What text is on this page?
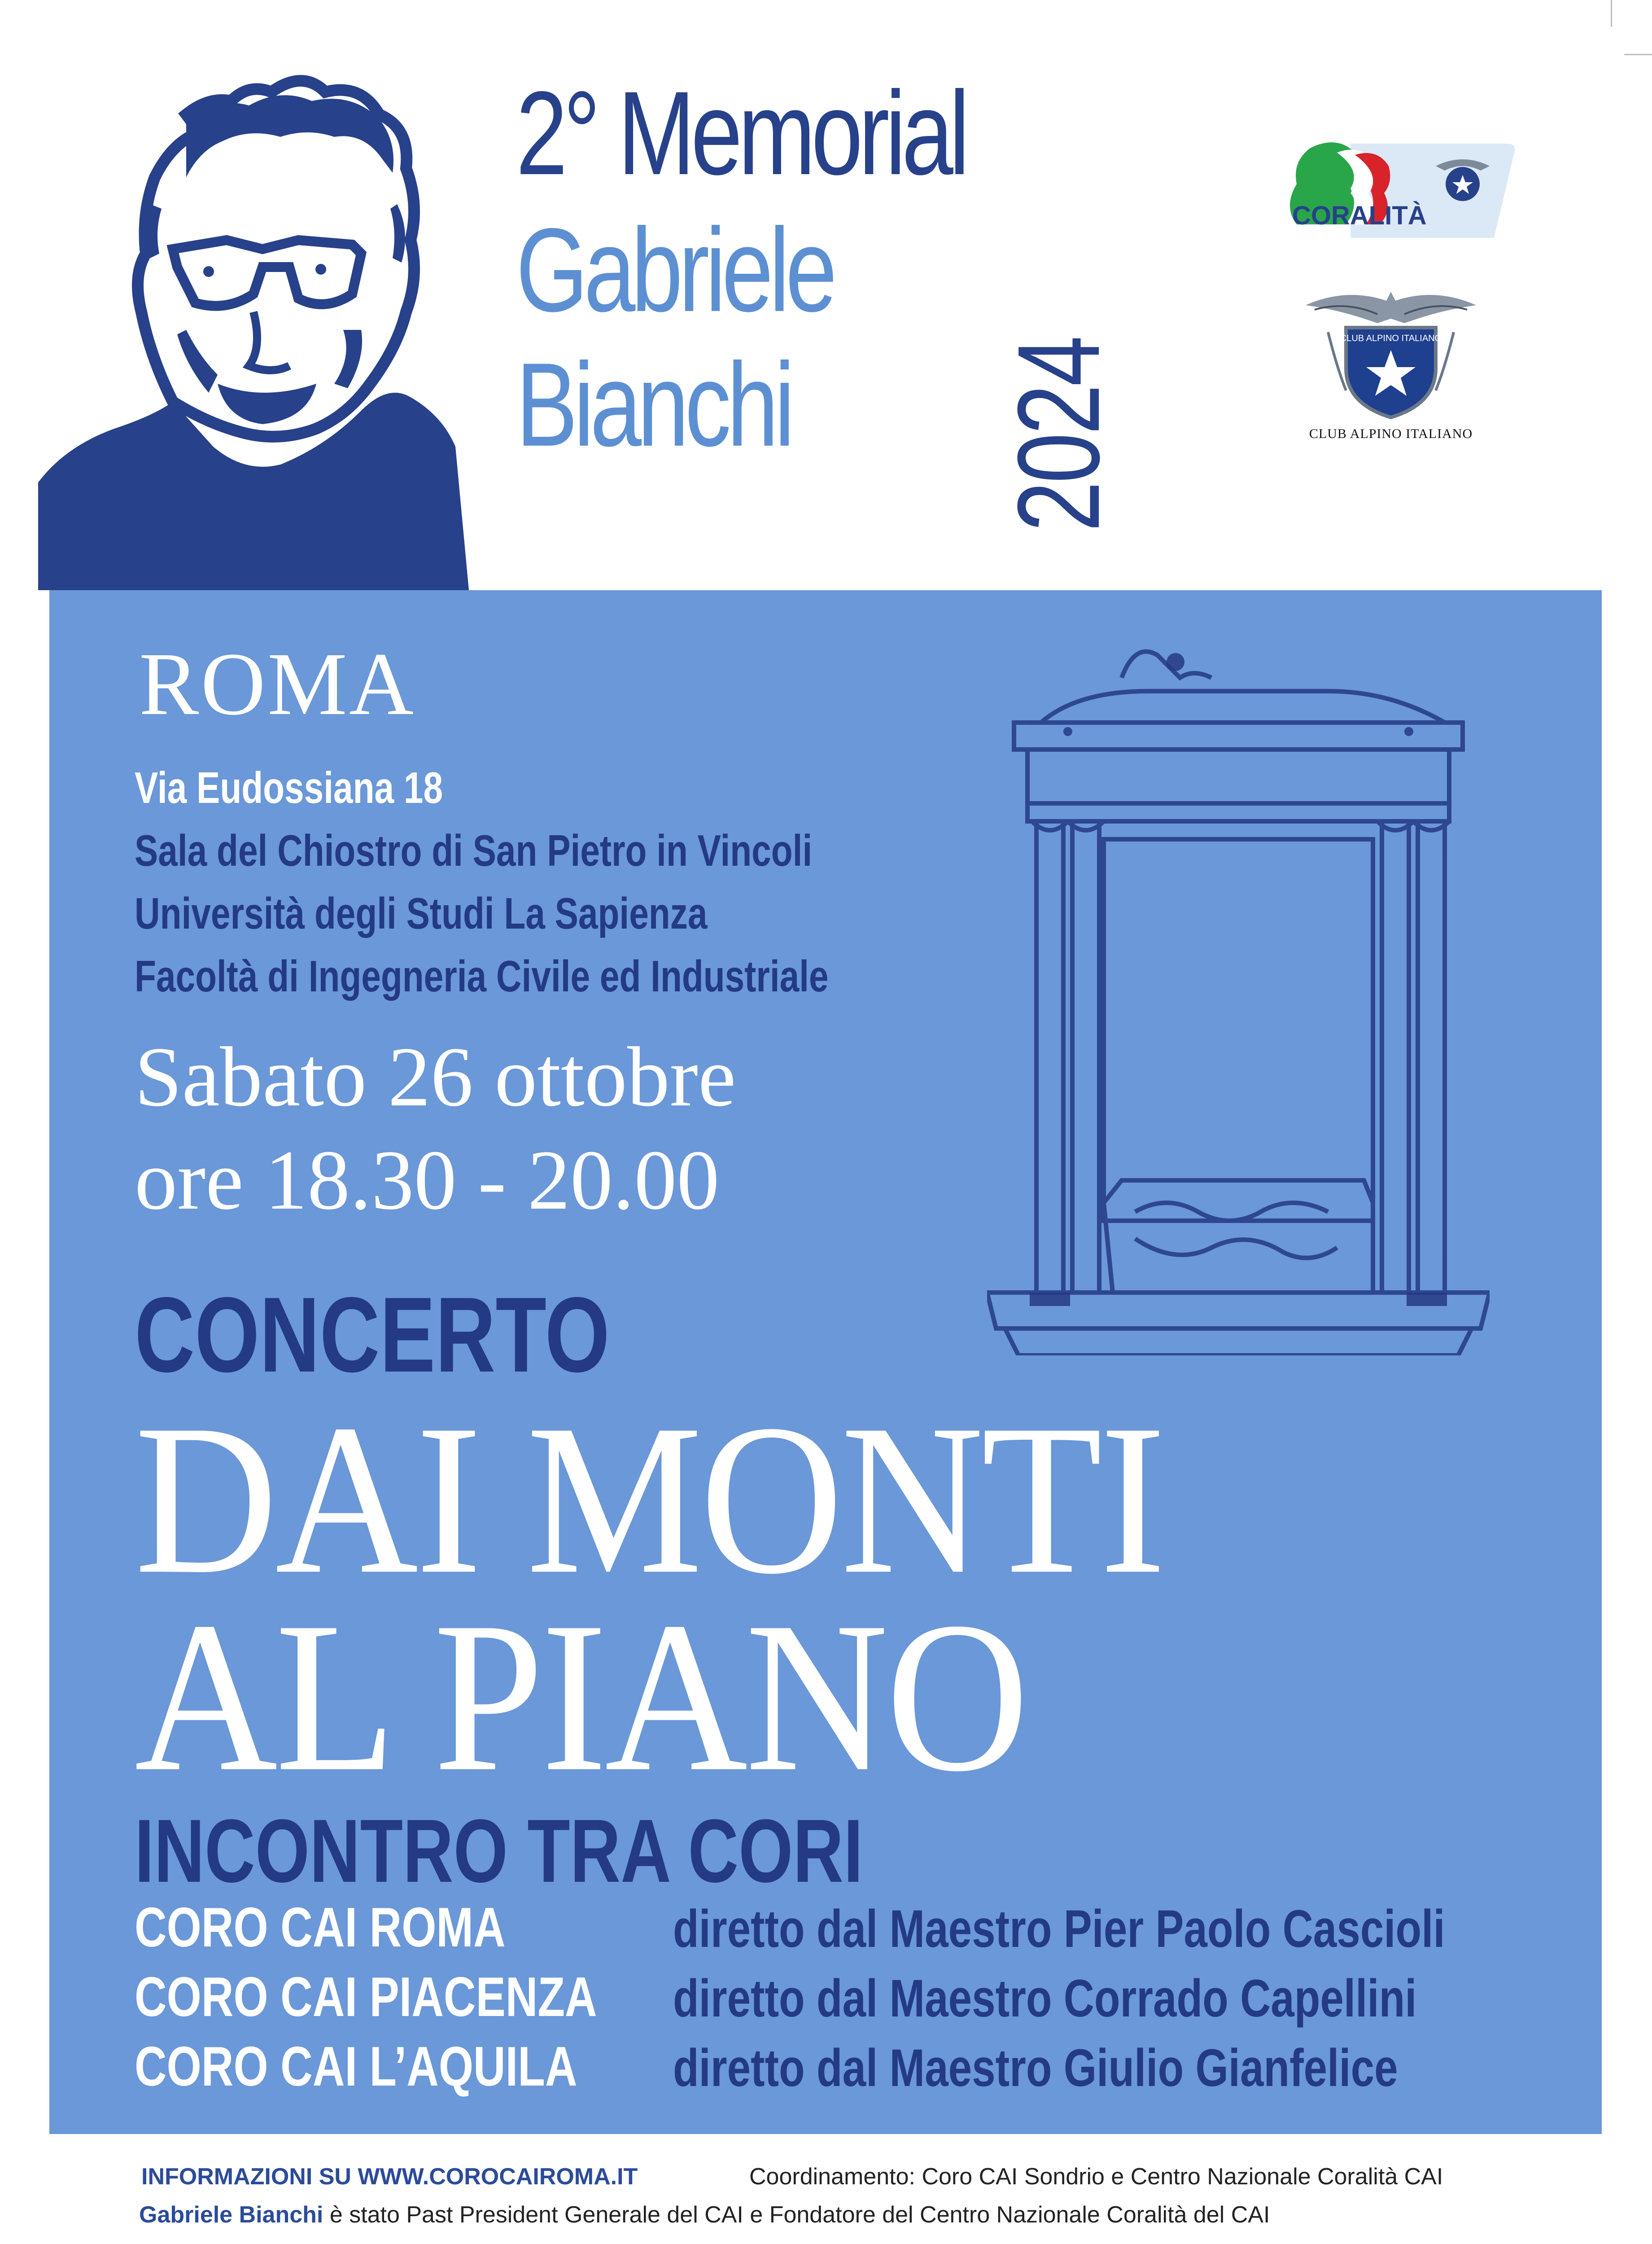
2° Memorial
Gabriele
Bianchi 2024
CORALITÀ
CLUB ALPINO ITALIANO
CLUB ALPINO ITALIANO
ROMA
Via Eudossiana 18
Sala del Chiostro di San Pietro in Vincoli
Università degli Studi La Sapienza
Facoltà di Ingegneria Civile ed Industriale
Sabato 26 ottobre
ore 18.30 - 20.00
CONCERTO
DAI MONTI
AL PIANO
INCONTRO TRA CORI
CORO CAI ROMA	diretto dal Maestro Pier Paolo Cascioli
CORO CAI PIACENZA diretto dal Maestro Corrado Capellini
CORO CAI L’AQUILA diretto dal Maestro Giulio Gianfelice
INFORMAZIONI SU WWW.COROCAIROMA.IT	Coordinamento: Coro CAI Sondrio e Centro Nazionale Coralità CAI
Gabriele Bianchi è stato Past President Generale del CAI e Fondatore del Centro Nazionale Coralità del CAI
